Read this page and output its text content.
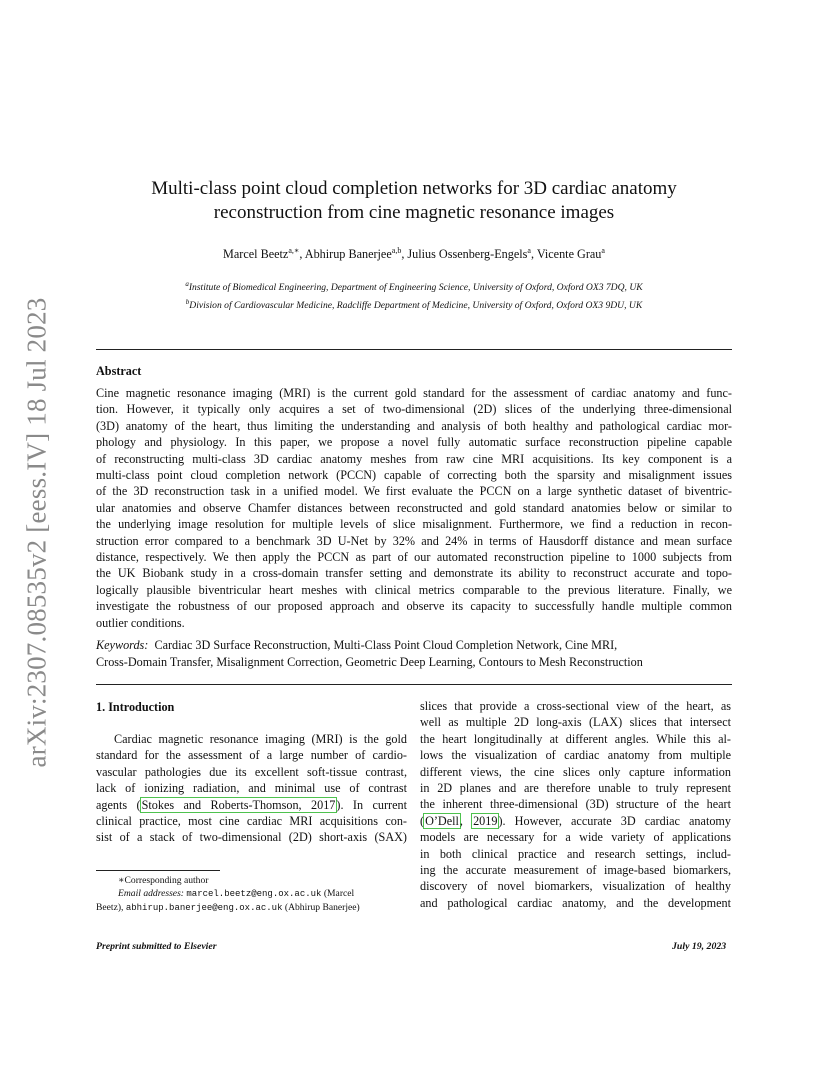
arXiv:2307.08535v2 [eess.IV] 18 Jul 2023
Multi-class point cloud completion networks for 3D cardiac anatomy
reconstruction from cine magnetic resonance images
Marcel Beetz$^{a,∗}$, Abhirup Banerjee$^{a,b}$, Julius Ossenberg-Engels$^a$, Vicente Grau$^a$
$^a$Institute of Biomedical Engineering, Department of Engineering Science, University of Oxford, Oxford OX3 7DQ, UK
$^b$Division of Cardiovascular Medicine, Radcliffe Department of Medicine, University of Oxford, Oxford OX3 9DU, UK
Abstract
Cine magnetic resonance imaging (MRI) is the current gold standard for the assessment of cardiac anatomy and func-
tion. However, it typically only acquires a set of two-dimensional (2D) slices of the underlying three-dimensional
(3D) anatomy of the heart, thus limiting the understanding and analysis of both healthy and pathological cardiac mor-
phology and physiology. In this paper, we propose a novel fully automatic surface reconstruction pipeline capable
of reconstructing multi-class 3D cardiac anatomy meshes from raw cine MRI acquisitions. Its key component is a
multi-class point cloud completion network (PCCN) capable of correcting both the sparsity and misalignment issues
of the 3D reconstruction task in a unified model. We first evaluate the PCCN on a large synthetic dataset of biventric-
ular anatomies and observe Chamfer distances between reconstructed and gold standard anatomies below or similar to
the underlying image resolution for multiple levels of slice misalignment. Furthermore, we find a reduction in recon-
struction error compared to a benchmark 3D U-Net by 32% and 24% in terms of Hausdorff distance and mean surface
distance, respectively. We then apply the PCCN as part of our automated reconstruction pipeline to 1000 subjects from
the UK Biobank study in a cross-domain transfer setting and demonstrate its ability to reconstruct accurate and topo-
logically plausible biventricular heart meshes with clinical metrics comparable to the previous literature. Finally, we
investigate the robustness of our proposed approach and observe its capacity to successfully handle multiple common
outlier conditions.
Keywords: Cardiac 3D Surface Reconstruction, Multi-Class Point Cloud Completion Network, Cine MRI,
Cross-Domain Transfer, Misalignment Correction, Geometric Deep Learning, Contours to Mesh Reconstruction
1. Introduction
Cardiac magnetic resonance imaging (MRI) is the gold
standard for the assessment of a large number of cardio-
vascular pathologies due its excellent soft-tissue contrast,
lack of ionizing radiation, and minimal use of contrast
agents (Stokes and Roberts-Thomson, 2017). In current
clinical practice, most cine cardiac MRI acquisitions con-
sist of a stack of two-dimensional (2D) short-axis (SAX)
∗Corresponding author
Email addresses: marcel.beetz@eng.ox.ac.uk (Marcel
Beetz), abhirup.banerjee@eng.ox.ac.uk (Abhirup Banerjee)
slices that provide a cross-sectional view of the heart, as
well as multiple 2D long-axis (LAX) slices that intersect
the heart longitudinally at different angles. While this al-
lows the visualization of cardiac anatomy from multiple
different views, the cine slices only capture information
in 2D planes and are therefore unable to truly represent
the inherent three-dimensional (3D) structure of the heart
(O’Dell, 2019). However, accurate 3D cardiac anatomy
models are necessary for a wide variety of applications
in both clinical practice and research settings, includ-
ing the accurate measurement of image-based biomarkers,
discovery of novel biomarkers, visualization of healthy
and pathological cardiac anatomy, and the development
Preprint submitted to Elsevier	July 19, 2023
